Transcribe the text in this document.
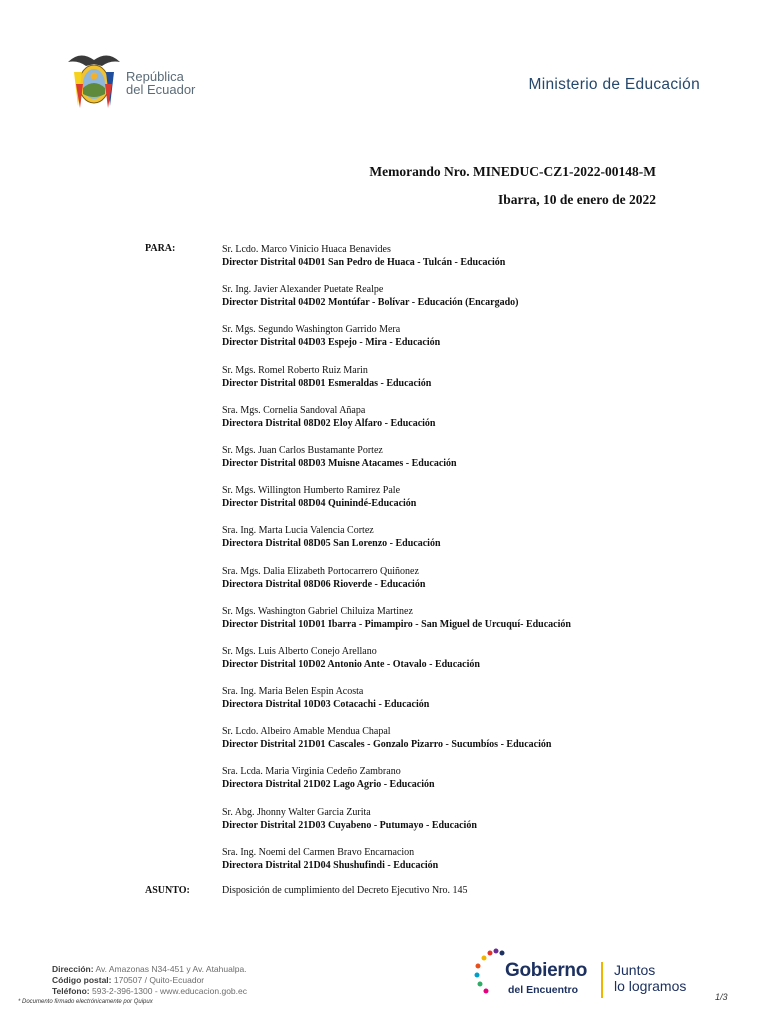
República
del Ecuador	Ministerio de Educación
Memorando Nro. MINEDUC-CZ1-2022-00148-M
Ibarra, 10 de enero de 2022
PARA:	Sr. Lcdo. Marco Vinicio Huaca Benavides
Director Distrital 04D01 San Pedro de Huaca - Tulcán - Educación
Sr. Ing. Javier Alexander Puetate Realpe
Director Distrital 04D02 Montúfar - Bolívar - Educación (Encargado)
Sr. Mgs. Segundo Washington Garrido Mera
Director Distrital 04D03 Espejo - Mira - Educación
Sr. Mgs. Romel Roberto Ruiz Marin
Director Distrital 08D01 Esmeraldas - Educación
Sra. Mgs. Cornelia Sandoval Añapa
Directora Distrital 08D02 Eloy Alfaro - Educación
Sr. Mgs. Juan Carlos Bustamante Portez
Director Distrital 08D03 Muisne Atacames - Educación
Sr. Mgs. Willington Humberto Ramirez Pale
Director Distrital 08D04 Quinindé-Educación
Sra. Ing. Marta Lucia Valencia Cortez
Directora Distrital 08D05 San Lorenzo - Educación
Sra. Mgs. Dalia Elizabeth Portocarrero Quiñonez
Directora Distrital 08D06 Rioverde - Educación
Sr. Mgs. Washington Gabriel Chiluiza Martinez
Director Distrital 10D01 Ibarra - Pimampiro - San Miguel de Urcuquí- Educación
Sr. Mgs. Luis Alberto Conejo Arellano
Director Distrital 10D02 Antonio Ante - Otavalo - Educación
Sra. Ing. Maria Belen Espin Acosta
Directora Distrital 10D03 Cotacachi - Educación
Sr. Lcdo. Albeiro Amable Mendua Chapal
Director Distrital 21D01 Cascales - Gonzalo Pizarro - Sucumbíos - Educación
Sra. Lcda. Maria Virginia Cedeño Zambrano
Directora Distrital 21D02 Lago Agrio - Educación
Sr. Abg. Jhonny Walter Garcia Zurita
Director Distrital 21D03 Cuyabeno - Putumayo - Educación
Sra. Ing. Noemi del Carmen Bravo Encarnacion
Directora Distrital 21D04 Shushufindi - Educación
ASUNTO:	Disposición de cumplimiento del Decreto Ejecutivo Nro. 145
Dirección: Av. Amazonas N34-451 y Av. Atahualpa.
Código postal: 170507 / Quito-Ecuador
Teléfono: 593-2-396-1300 - www.educacion.gob.ec
* Documento firmado electrónicamente por Quipux
Gobierno
del Encuentro
Juntos
lo logramos
1/3
